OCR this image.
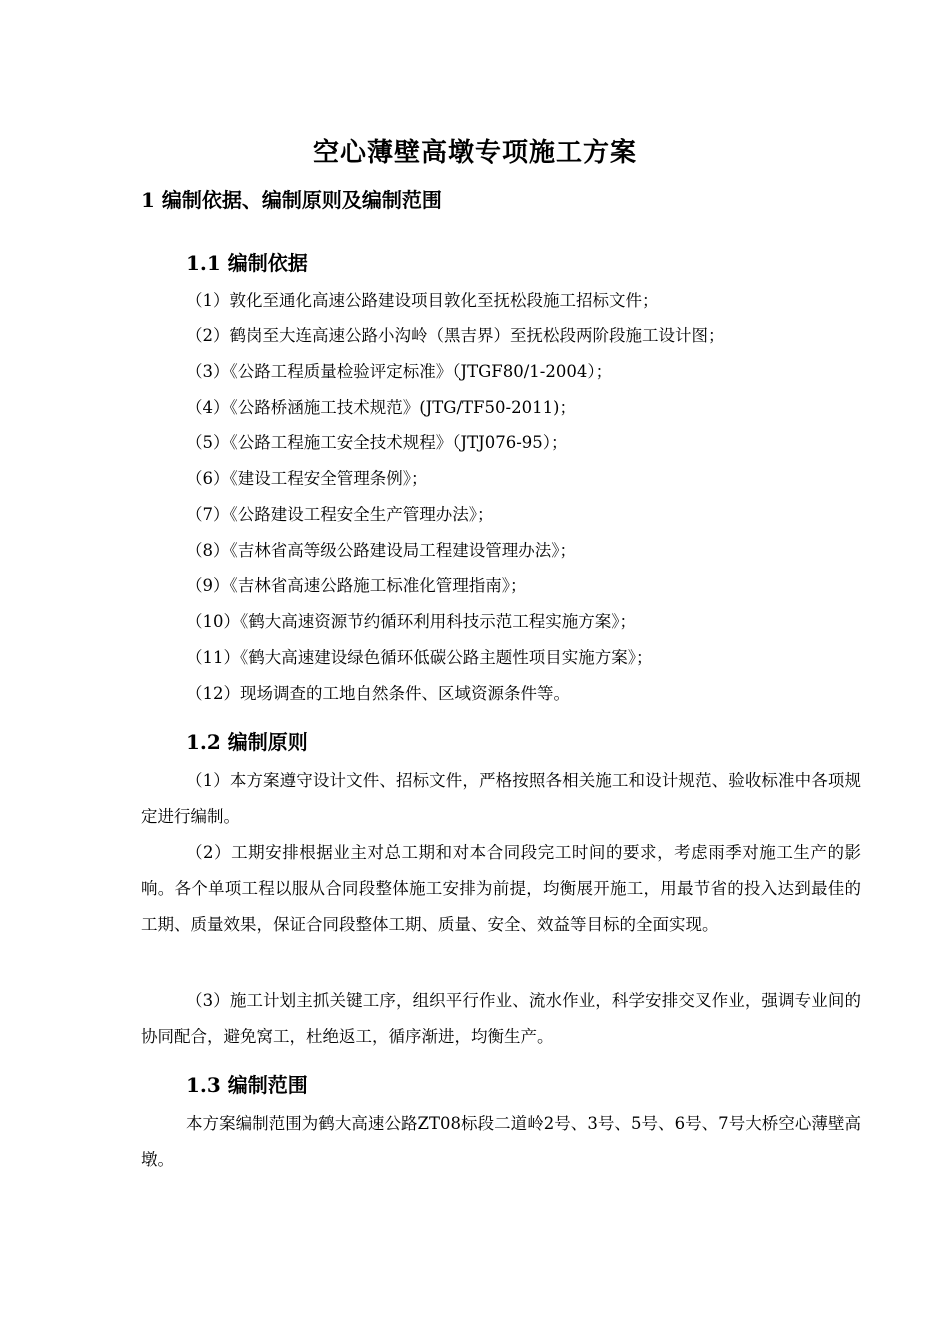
空心薄壁高墩专项施工方案
1 编制依据、编制原则及编制范围
1.1 编制依据
（1）敦化至通化高速公路建设项目敦化至抚松段施工招标文件；
（2）鹤岗至大连高速公路小沟岭（黑吉界）至抚松段两阶段施工设计图；
（3）《公路工程质量检验评定标准》（JTGF80/1-2004）；
（4）《公路桥涵施工技术规范》(JTG/TF50-2011)；
（5）《公路工程施工安全技术规程》（JTJ076-95）；
（6）《建设工程安全管理条例》；
（7）《公路建设工程安全生产管理办法》；
（8）《吉林省高等级公路建设局工程建设管理办法》；
（9）《吉林省高速公路施工标准化管理指南》；
（10）《鹤大高速资源节约循环利用科技示范工程实施方案》；
（11）《鹤大高速建设绿色循环低碳公路主题性项目实施方案》；
（12）现场调查的工地自然条件、区域资源条件等。
1.2 编制原则
（1）本方案遵守设计文件、招标文件，严格按照各相关施工和设计规范、验收标准中各项规定进行编制。
（2）工期安排根据业主对总工期和对本合同段完工时间的要求，考虑雨季对施工生产的影响。各个单项工程以服从合同段整体施工安排为前提，均衡展开施工，用最节省的投入达到最佳的工期、质量效果，保证合同段整体工期、质量、安全、效益等目标的全面实现。
（3）施工计划主抓关键工序，组织平行作业、流水作业，科学安排交叉作业，强调专业间的协同配合，避免窝工，杜绝返工，循序渐进，均衡生产。
1.3 编制范围
本方案编制范围为鹤大高速公路ZT08标段二道岭2号、3号、5号、6号、7号大桥空心薄壁高墩。
